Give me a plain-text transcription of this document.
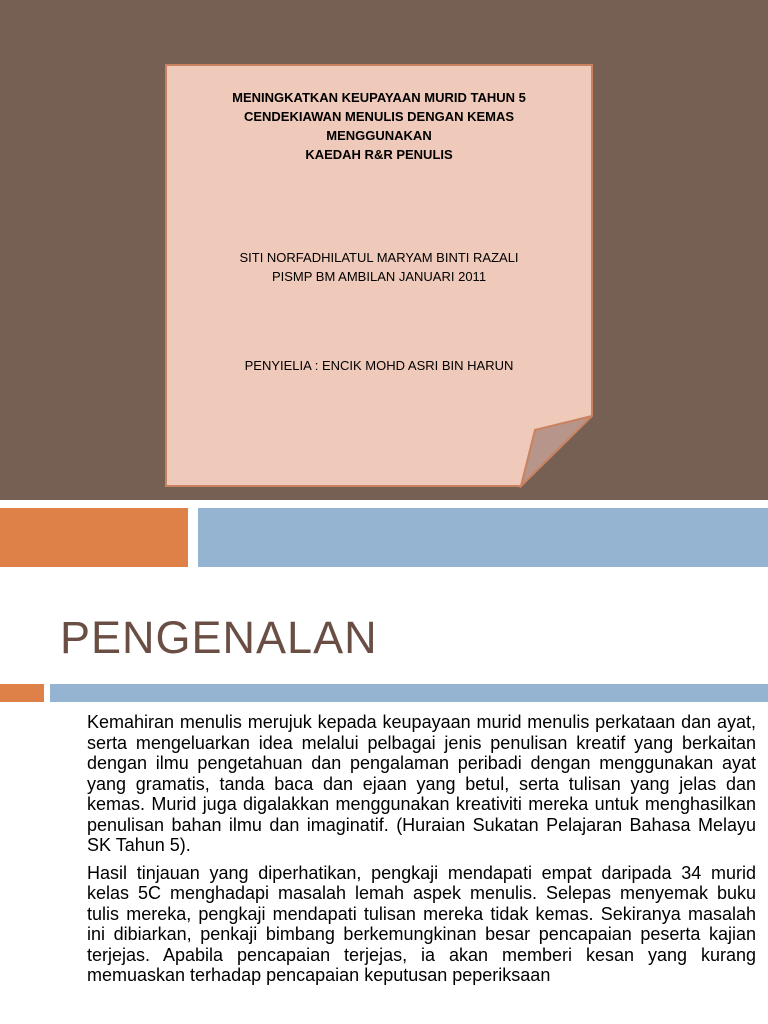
MENINGKATKAN KEUPAYAAN MURID TAHUN 5
CENDEKIAWAN MENULIS DENGAN KEMAS
MENGGUNAKAN
KAEDAH R&R PENULIS
SITI NORFADHILATUL MARYAM BINTI RAZALI
PISMP BM AMBILAN JANUARI 2011
PENYIELIA : ENCIK MOHD ASRI BIN HARUN
PENGENALAN

Kemahiran menulis merujuk kepada keupayaan murid menulis perkataan dan ayat, serta mengeluarkan idea melalui pelbagai jenis penulisan kreatif yang berkaitan dengan ilmu pengetahuan dan pengalaman peribadi dengan menggunakan ayat yang gramatis, tanda baca dan ejaan yang betul, serta tulisan yang jelas dan kemas. Murid juga digalakkan menggunakan kreativiti mereka untuk menghasilkan penulisan bahan ilmu dan imaginatif. (Huraian Sukatan Pelajaran Bahasa Melayu SK Tahun 5).

Hasil tinjauan yang diperhatikan, pengkaji mendapati empat daripada 34 murid kelas 5C menghadapi masalah lemah aspek menulis. Selepas menyemak buku tulis mereka, pengkaji mendapati tulisan mereka tidak kemas. Sekiranya masalah ini dibiarkan, penkaji bimbang berkemungkinan besar pencapaian peserta kajian terjejas. Apabila pencapaian terjejas, ia akan memberi kesan yang kurang memuaskan terhadap pencapaian keputusan peperiksaan
